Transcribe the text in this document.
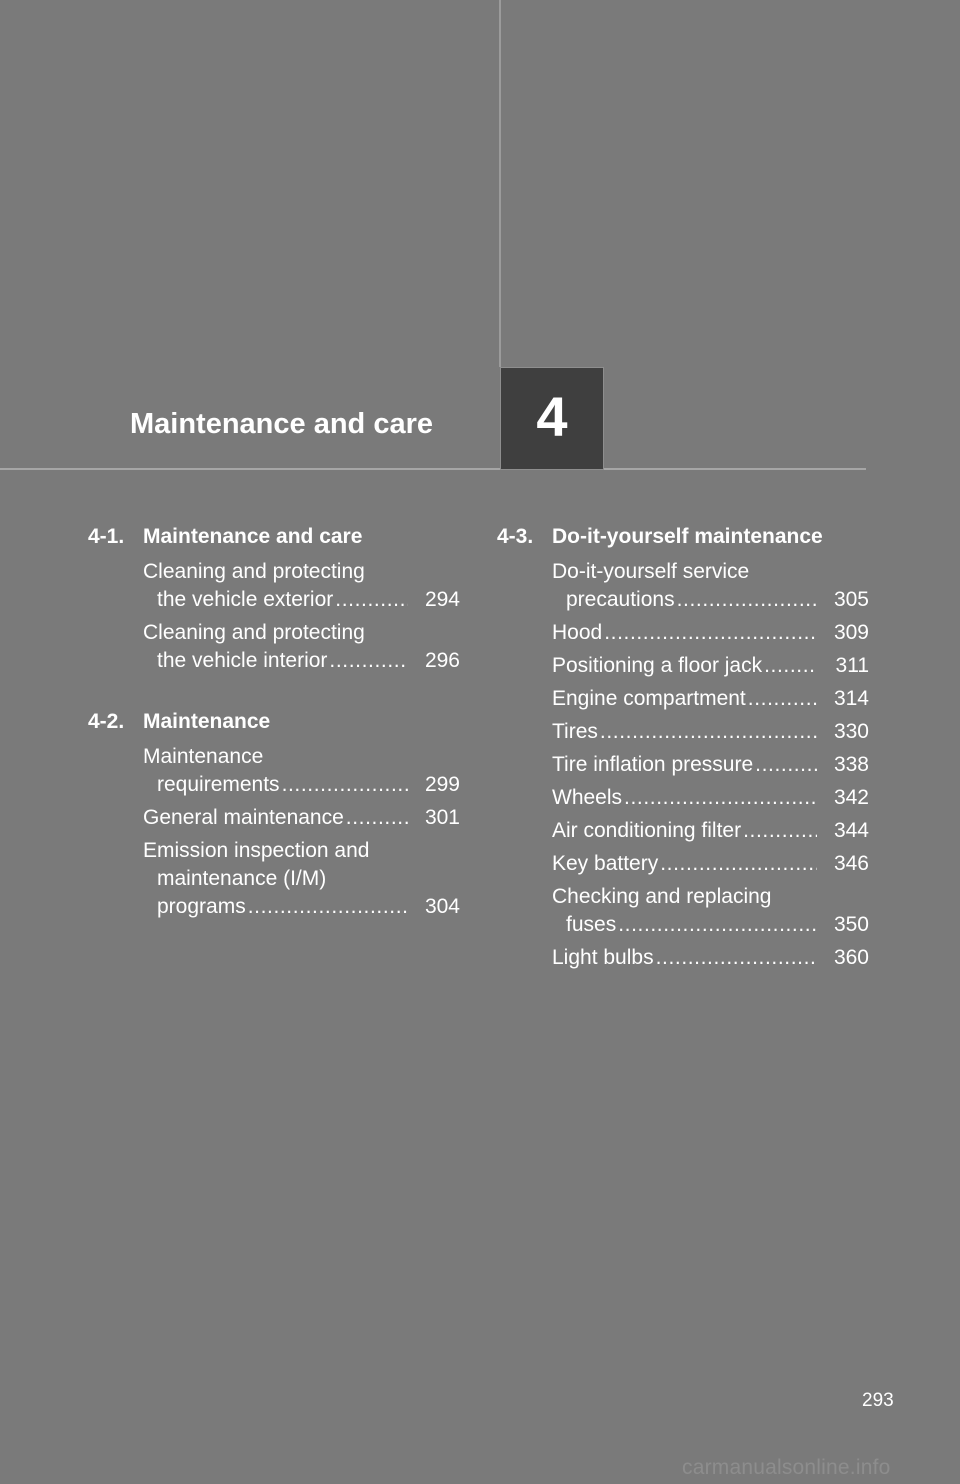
Maintenance and care 4
4-1. Maintenance and care
Cleaning and protecting
the vehicle exterior .....	294
Cleaning and protecting
the vehicle interior .....	296
4-2. Maintenance
Maintenance
requirements .....	299
General maintenance .....	301
Emission inspection and
maintenance (I/M)
programs .....	304
4-3. Do-it-yourself maintenance
Do-it-yourself service
precautions .....	305
Hood .....	309
Positioning a floor jack .....	311
Engine compartment .....	314
Tires .....	330
Tire inflation pressure .....	338
Wheels .....	342
Air conditioning filter .....	344
Key battery .....	346
Checking and replacing
fuses .....	350
Light bulbs .....	360
293
carmanualsonline.info
